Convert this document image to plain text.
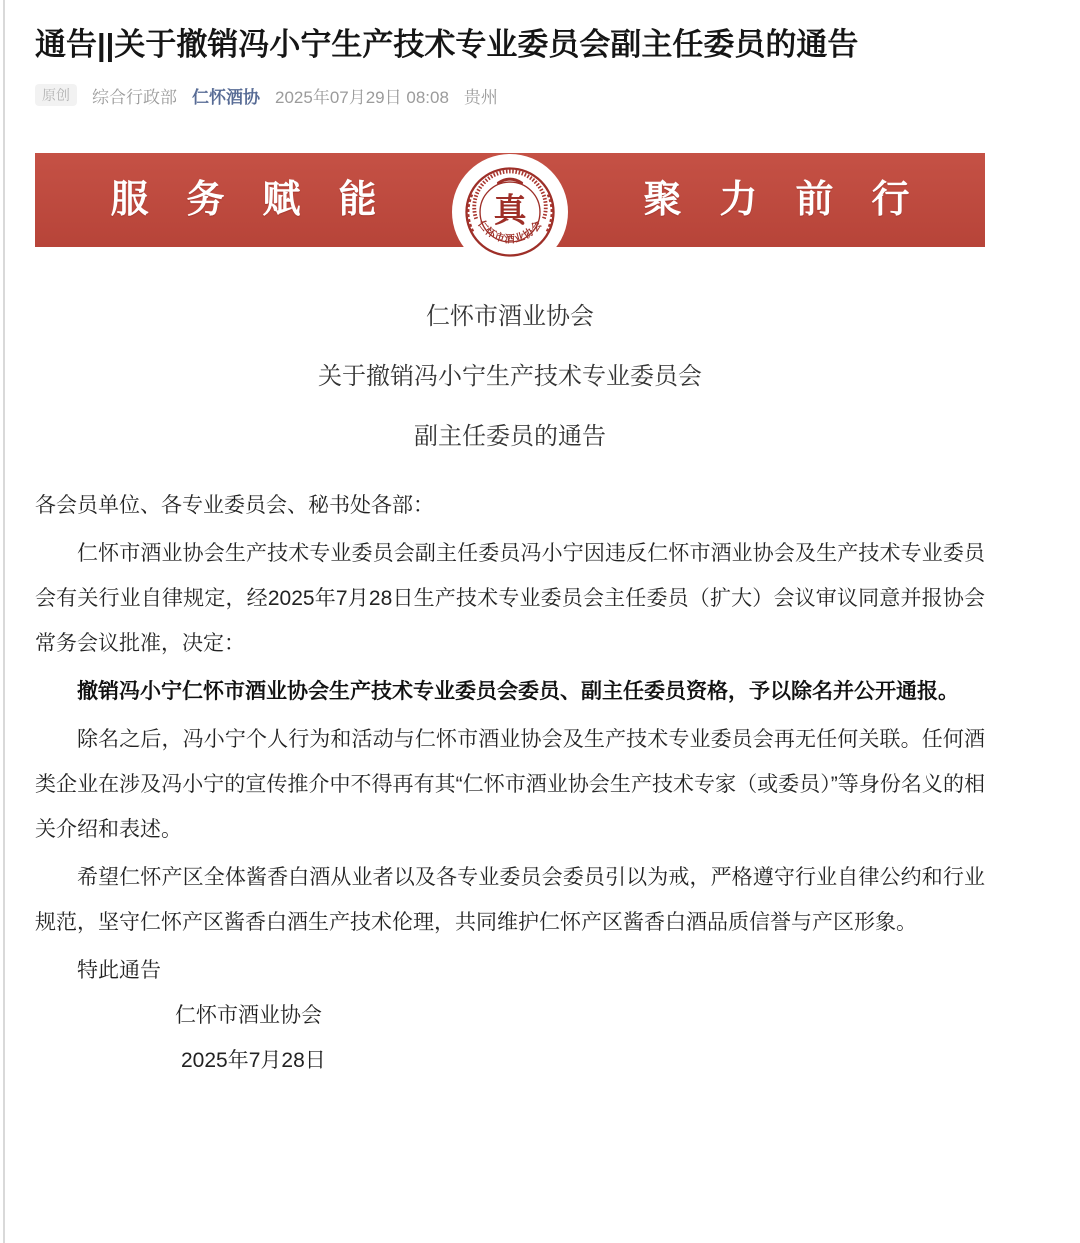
通告||关于撤销冯小宁生产技术专业委员会副主任委员的通告
原创	综合行政部 仁怀酒协 2025年07月29日 08:08 贵州
服务赋能
仁怀市酒业协会
真	聚力前行

仁怀市酒业协会

关于撤销冯小宁生产技术专业委员会

副主任委员的通告

各会员单位、各专业委员会、秘书处各部：

仁怀市酒业协会生产技术专业委员会副主任委员冯小宁因违反仁怀市酒业协会及生产技术专业委员会有关行业自律规定，经2025年7月28日生产技术专业委员会主任委员（扩大）会议审议同意并报协会常务会议批准，决定：

撤销冯小宁仁怀市酒业协会生产技术专业委员会委员、副主任委员资格，予以除名并公开通报。

除名之后，冯小宁个人行为和活动与仁怀市酒业协会及生产技术专业委员会再无任何关联。任何酒类企业在涉及冯小宁的宣传推介中不得再有其“仁怀市酒业协会生产技术专家（或委员）”等身份名义的相关介绍和表述。

希望仁怀产区全体酱香白酒从业者以及各专业委员会委员引以为戒，严格遵守行业自律公约和行业规范，坚守仁怀产区酱香白酒生产技术伦理，共同维护仁怀产区酱香白酒品质信誉与产区形象。

特此通告

仁怀市酒业协会

2025年7月28日
